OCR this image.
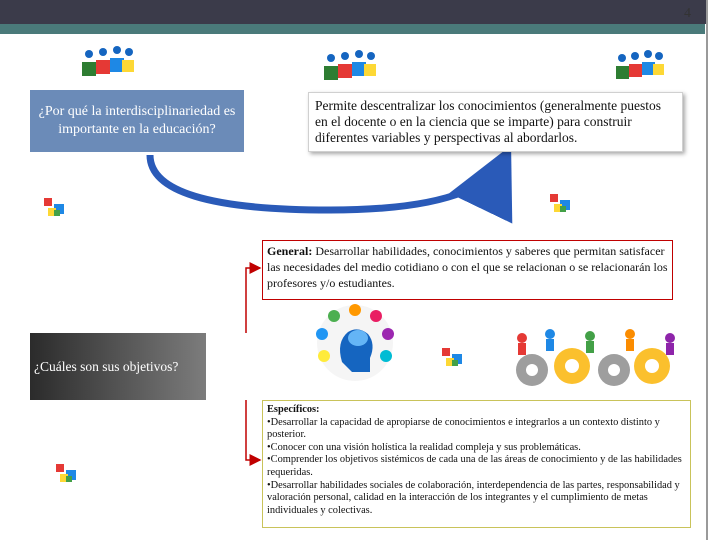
4
¿Por qué la interdisciplinariedad es importante en la educación?
Permite descentralizar los conocimientos (generalmente puestos en el docente o en la ciencia que se imparte) para construir diferentes variables y perspectivas al abordarlos.
¿Cuáles son sus objetivos?
General: Desarrollar habilidades, conocimientos y saberes que permitan satisfacer las necesidades del medio cotidiano o con el que se relacionan o se relacionarán los profesores y/o estudiantes.
Específicos:
•Desarrollar la capacidad de apropiarse de conocimientos e integrarlos a un contexto distinto y posterior.
•Conocer con una visión holística la realidad compleja y sus problemáticas.
•Comprender los objetivos sistémicos de cada una de las áreas de conocimiento y de las habilidades requeridas.
•Desarrollar habilidades sociales de colaboración, interdependencia de las partes, responsabilidad y valoración personal, calidad en la interacción de los integrantes y el cumplimiento de metas individuales y colectivas.
